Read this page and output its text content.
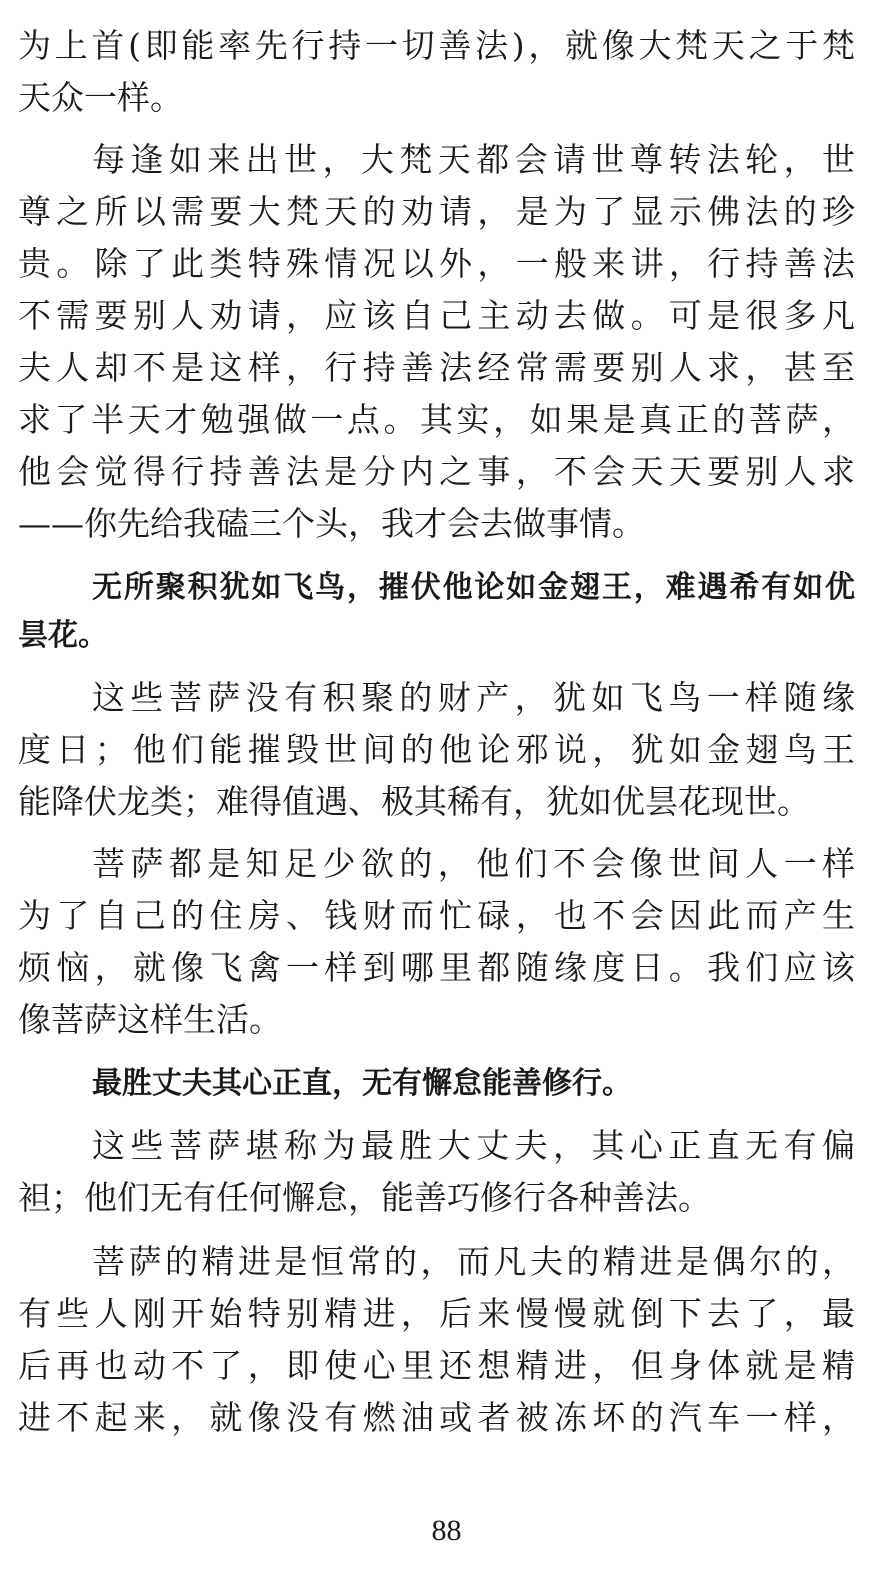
为上首(即能率先行持一切善法)，就像大梵天之于梵
天众一样。
每逢如来出世，大梵天都会请世尊转法轮，世
尊之所以需要大梵天的劝请，是为了显示佛法的珍
贵。除了此类特殊情况以外，一般来讲，行持善法
不需要别人劝请，应该自己主动去做。可是很多凡
夫人却不是这样，行持善法经常需要别人求，甚至
求了半天才勉强做一点。其实，如果是真正的菩萨，
他会觉得行持善法是分内之事，不会天天要别人求
——你先给我磕三个头，我才会去做事情。
无所聚积犹如飞鸟，摧伏他论如金翅王，难遇希有如优
昙花。
这些菩萨没有积聚的财产，犹如飞鸟一样随缘
度日；他们能摧毁世间的他论邪说，犹如金翅鸟王
能降伏龙类；难得值遇、极其稀有，犹如优昙花现世。
菩萨都是知足少欲的，他们不会像世间人一样
为了自己的住房、钱财而忙碌，也不会因此而产生
烦恼，就像飞禽一样到哪里都随缘度日。我们应该
像菩萨这样生活。
最胜丈夫其心正直，无有懈怠能善修行。
这些菩萨堪称为最胜大丈夫，其心正直无有偏
袒；他们无有任何懈怠，能善巧修行各种善法。
菩萨的精进是恒常的，而凡夫的精进是偶尔的，
有些人刚开始特别精进，后来慢慢就倒下去了，最
后再也动不了，即使心里还想精进，但身体就是精
进不起来，就像没有燃油或者被冻坏的汽车一样，
88
